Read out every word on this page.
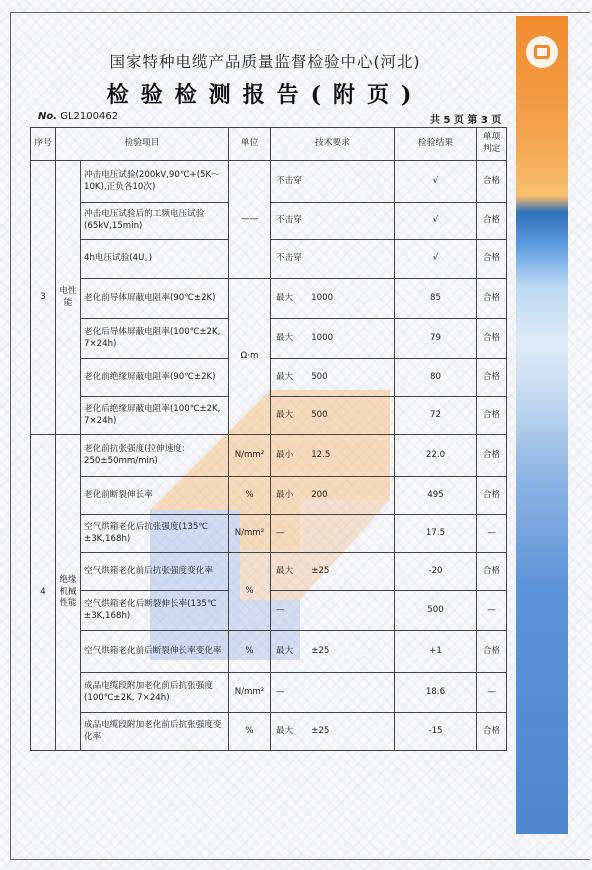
国家特种电缆产品质量监督检验中心(河北)
检验检测报告(附页)
No. GL2100462	共 5 页 第 3 页
序号	检验项目		单位	技术要求	检验结果	单项判定
3	电性能	冲击电压试验(200kV,90℃+(5K～10K),正负各10次)	——	不击穿	√	合格
		冲击电压试验后的工频电压试验(65kV,15min)		不击穿	√	合格
		4h电压试验(4U。)		不击穿	√	合格
		老化前导体屏蔽电阻率(90℃±2K)	Ω·m	最大 1000	85	合格
		老化后导体屏蔽电阻率(100℃±2K, 7×24h)		最大 1000	79	合格
		老化前绝缘屏蔽电阻率(90℃±2K)		最大 500	80	合格
		老化后绝缘屏蔽电阻率(100℃±2K, 7×24h)		最大 500	72	合格
4	绝缘机械性能	老化前抗张强度(拉伸速度: 250±50mm/min)	N/mm²	最小 12.5	22.0	合格
		老化前断裂伸长率	%	最小 200	495	合格
		空气烘箱老化后抗张强度(135℃±3K,168h)	N/mm²	—	17.5	—
		空气烘箱老化前后抗张强度变化率	%	最大 ±25	-20	合格
		空气烘箱老化后断裂伸长率(135℃±3K,168h)		—	500	—
		空气烘箱老化前后断裂伸长率变化率	%	最大 ±25	+1	合格
		成品电缆段附加老化前后抗张强度(100℃±2K, 7×24h)	N/mm²	—	18.6	—
		成品电缆段附加老化前后抗张强度变化率	%	最大 ±25	-15	合格
